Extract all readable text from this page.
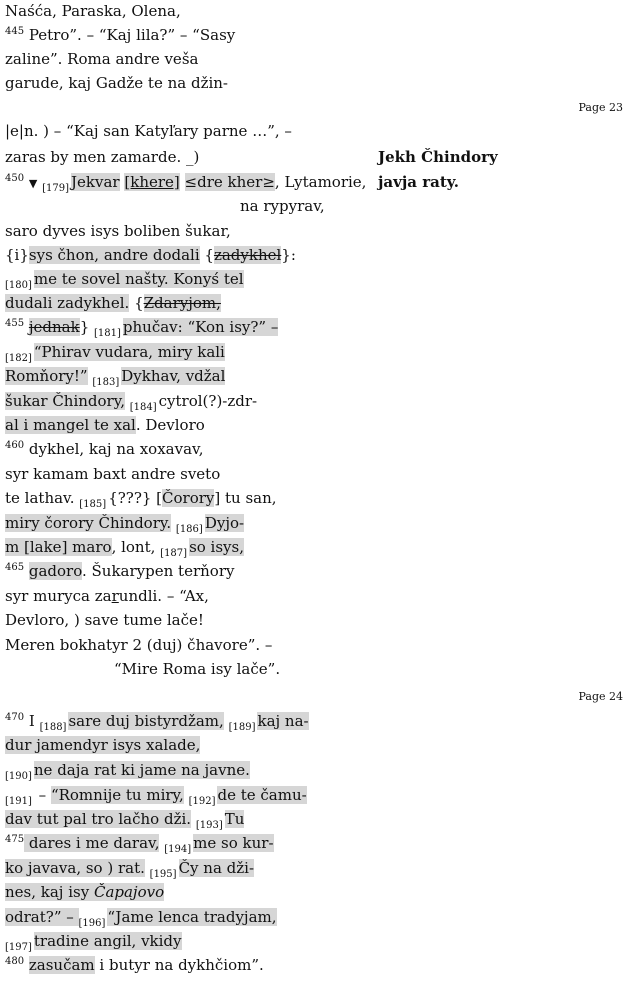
Page 23
Page 24
Jekh Čhindory
javja raty.
Naśća, Paraska, Olena,
$^{445}$ Petro”. – “Kaj lila?” – “Sasy
zaline”. Roma andre veša
garude, kaj Gadže te na džin-
|e|n. ) – “Kaj san Katyľary parne …”, –
zaras by men zamarde. _)
$^{450}$ ▼ $_{[179]}$ Jekvar [khere] ≤dre kher≥, Lytamorie,
na rypyrav,
saro dyves isys boliben šukar,
{i}sys čhon, andre dodali {zadykhel}:
$_{[180]}$ me te sovel našty. Konyś tel
dudali zadykhel. {Zdaryjom,
$^{455}$ jednak} $_{[181]}$ phučav: “Kon isy?” –
$_{[182]}$ “Phirav vudara, miry kali
Romňory!” $_{[183]}$ Dykhav, vdžal
šukar Čhindory, $_{[184]}$ cytrol(?)-zdr-
al i mangel te xal. Devloro
$^{460}$ dykhel, kaj na xoxavav,
syr kamam baxt andre sveto
te lathav. $_{[185]}$ {???} [Čorory] tu san,
miry čorory Čhindory. $_{[186]}$ Dyjo-
m [lake] maro, lont, $_{[187]}$ so isys,
$^{465}$ gadoro. Šukarypen terňory
syr muryca zarundli. – “Ax,
Devloro, ) save tume lače!
Meren bokhatyr 2 (duj) čhavore”. –
“Mire Roma isy lače”.
$^{470}$ I $_{[188]}$ sare duj bistyrdžam, $_{[189]}$ kaj na-
dur jamendyr isys xalade,
$_{[190]}$ ne daja rat ki jame na javne.
$_{[191]}$ – “Romnije tu miry, $_{[192]}$ de te čamu-
dav tut pal tro lačho dži. $_{[193]}$ Tu
$^{475}$ dares i me darav, $_{[194]}$ me so kur-
ko javava, so ) rat. $_{[195]}$ Čy na dži-
nes, kaj isy Čapajovo
odrat?” – $_{[196]}$ “Jame lenca tradyjam,
$_{[197]}$ tradine angil, vkidy
$^{480}$ zasučam i butyr na dykhčiom”.
